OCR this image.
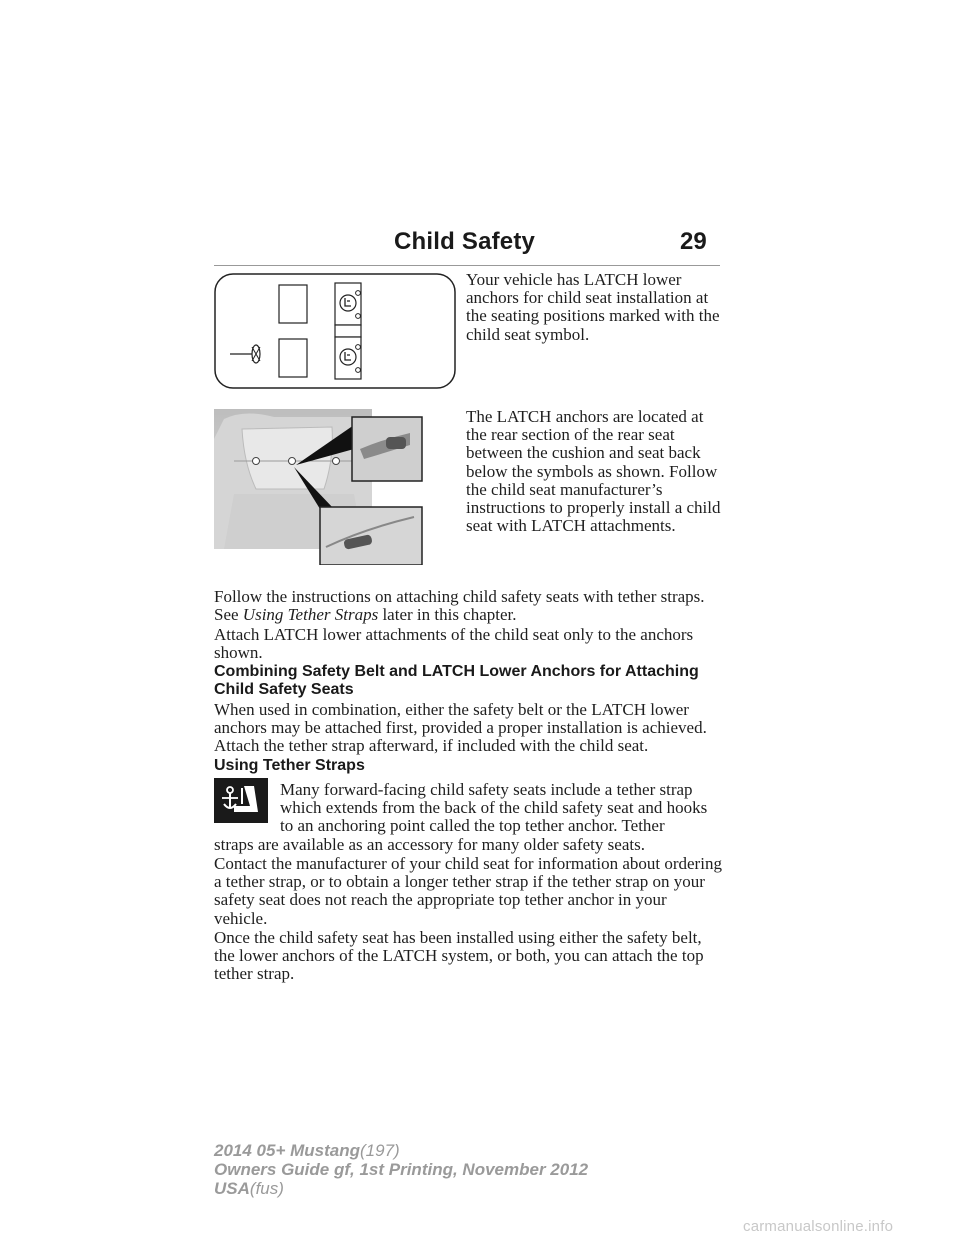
Child Safety	29
Your vehicle has LATCH lower anchors for child seat installation at the seating positions marked with the child seat symbol.
The LATCH anchors are located at the rear section of the rear seat between the cushion and seat back below the symbols as shown. Follow the child seat manufacturer’s instructions to properly install a child seat with LATCH attachments.

Follow the instructions on attaching child safety seats with tether straps. See Using Tether Straps later in this chapter.

Attach LATCH lower attachments of the child seat only to the anchors shown.

Combining Safety Belt and LATCH Lower Anchors for Attaching Child Safety Seats

When used in combination, either the safety belt or the LATCH lower anchors may be attached first, provided a proper installation is achieved. Attach the tether strap afterward, if included with the child seat.

Using Tether Straps
Many forward-facing child safety seats include a tether strap
which extends from the back of the child safety seat and hooks
to an anchoring point called the top tether anchor. Tether

straps are available as an accessory for many older safety seats.

Contact the manufacturer of your child seat for information about ordering a tether strap, or to obtain a longer tether strap if the tether strap on your safety seat does not reach the appropriate top tether anchor in your vehicle.

Once the child safety seat has been installed using either the safety belt, the lower anchors of the LATCH system, or both, you can attach the top tether strap.

2014 05+ Mustang(197)
Owners Guide gf, 1st Printing, November 2012
USA(fus)
carmanualsonline.info
